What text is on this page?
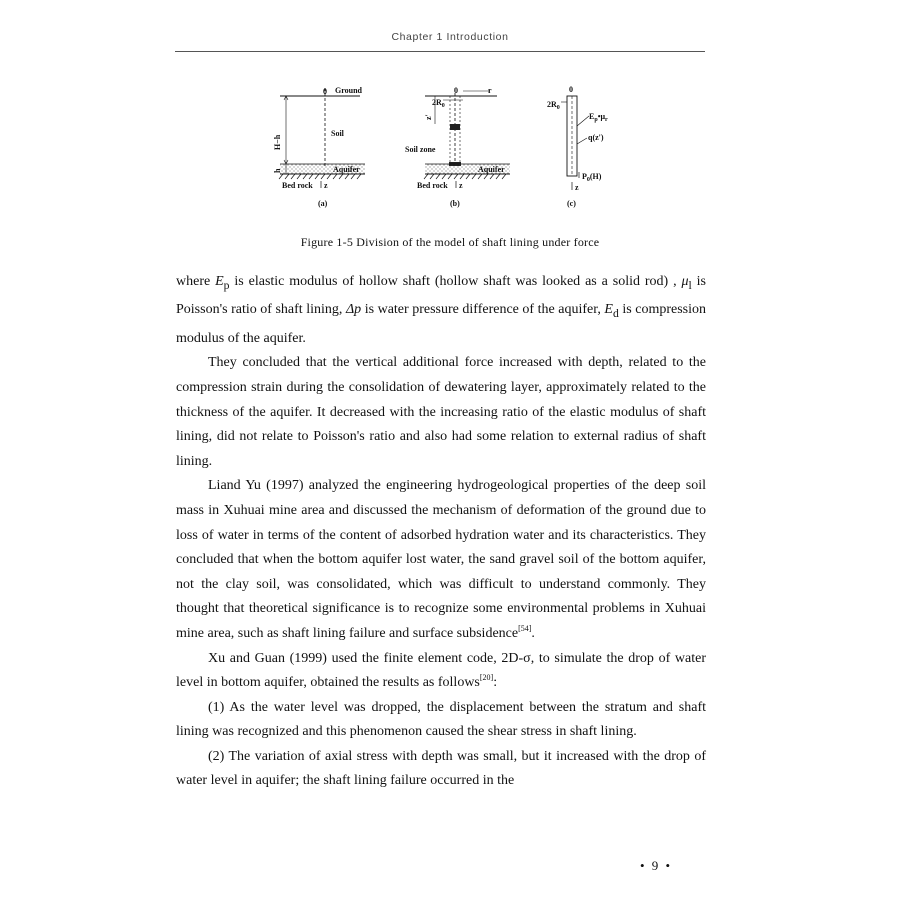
Chapter 1 Introduction
0 Ground
Soil
Aquifer
H−h
h
Bed rock z
(a)
0	r
$2R_0$
z'
Soil zone
Aquifer
Bed rock z
(b)
0
$2R_0$
$E_p•\mu_r$
q(z')
$P_0(H)$
z
(c)
Figure 1-5 Division of the model of shaft lining under force

where $E_p$ is elastic modulus of hollow shaft (hollow shaft was looked as a solid rod) , $\mu_l$ is Poisson's ratio of shaft lining, Δp is water pressure difference of the aquifer, $E_d$ is compression modulus of the aquifer.

They concluded that the vertical additional force increased with depth, related to the compression strain during the consolidation of dewatering layer, approximately related to the thickness of the aquifer. It decreased with the increasing ratio of the elastic modulus of shaft lining, did not relate to Poisson's ratio and also had some relation to external radius of shaft lining.

Liand Yu (1997) analyzed the engineering hydrogeological properties of the deep soil mass in Xuhuai mine area and discussed the mechanism of deformation of the ground due to loss of water in terms of the content of adsorbed hydration water and its characteristics. They concluded that when the bottom aquifer lost water, the sand gravel soil of the bottom aquifer, not the clay soil, was consolidated, which was difficult to understand commonly. They thought that theoretical significance is to recognize some environmental problems in Xuhuai mine area, such as shaft lining failure and surface subsidence[54].

Xu and Guan (1999) used the finite element code, 2D-σ, to simulate the drop of water level in bottom aquifer, obtained the results as follows[20]:

(1) As the water level was dropped, the displacement between the stratum and shaft lining was recognized and this phenomenon caused the shear stress in shaft lining.

(2) The variation of axial stress with depth was small, but it increased with the drop of water level in aquifer; the shaft lining failure occurred in the

• 9 •
